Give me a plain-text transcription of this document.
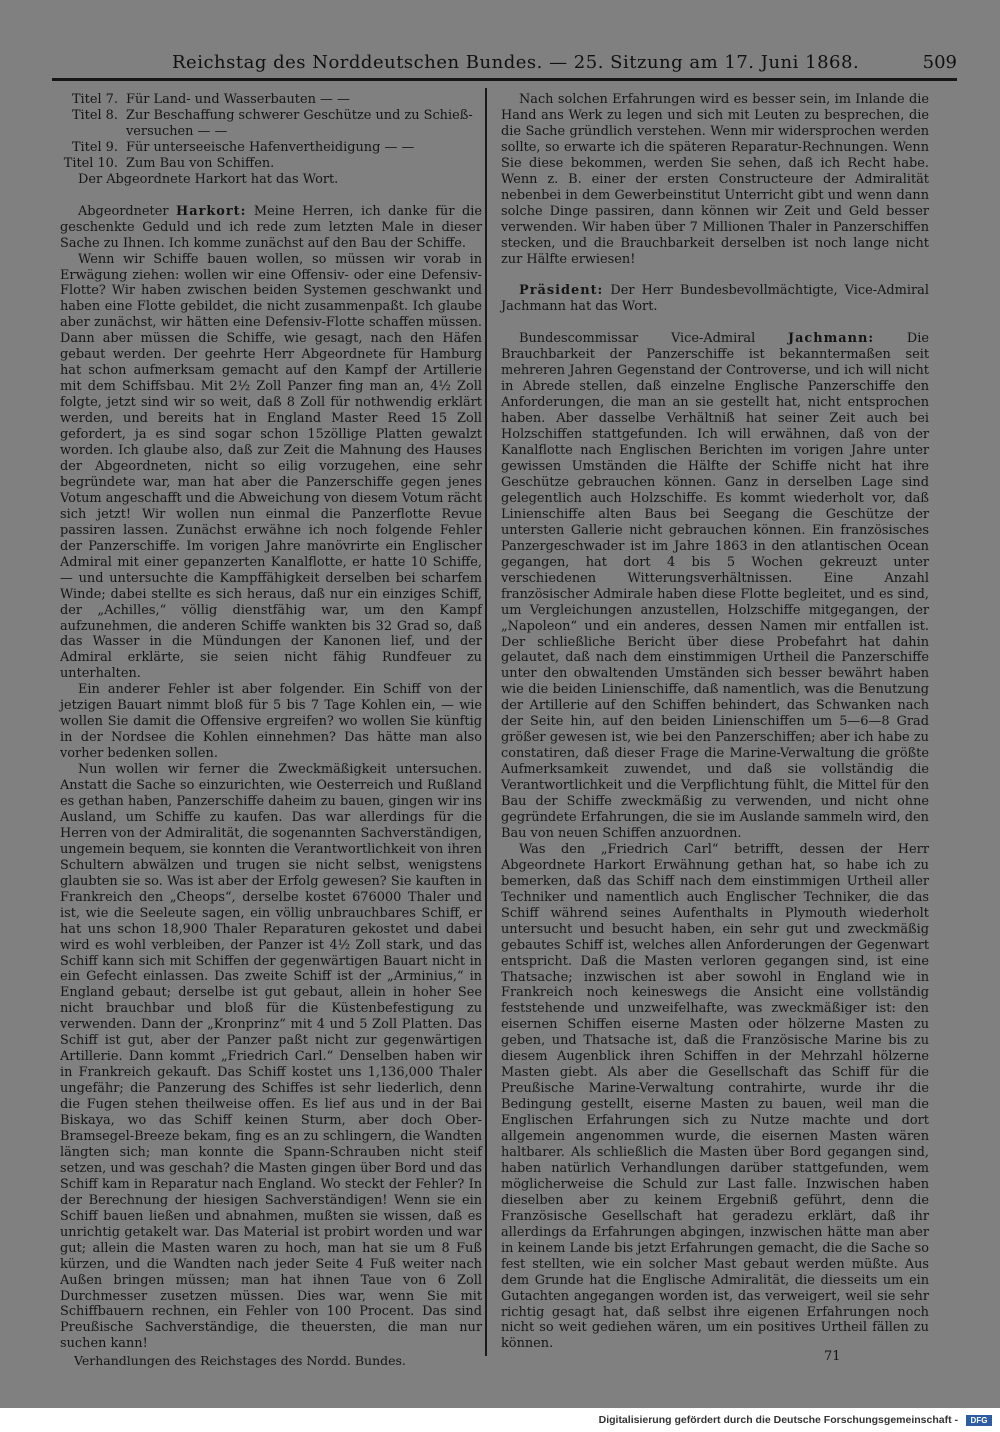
Reichstag des Norddeutschen Bundes. — 25. Sitzung am 17. Juni 1868.	509
Titel 7. Für Land- und Wasserbauten — —
Titel 8. Zur Beschaffung schwerer Geschütze und zu Schieß-
versuchen — —
Titel 9. Für unterseeische Hafenvertheidigung — —
Titel 10. Zum Bau von Schiffen.

Der Abgeordnete Harkort hat das Wort.

Abgeordneter Harkort: Meine Herren, ich danke für die geschenkte Geduld und ich rede zum letzten Male in dieser Sache zu Ihnen. Ich komme zunächst auf den Bau der Schiffe.

Wenn wir Schiffe bauen wollen, so müssen wir vorab in Erwägung ziehen: wollen wir eine Offensiv- oder eine Defensiv-Flotte? Wir haben zwischen beiden Systemen geschwankt und haben eine Flotte gebildet, die nicht zusammenpaßt. Ich glaube aber zunächst, wir hätten eine Defensiv-Flotte schaffen müssen. Dann aber müssen die Schiffe, wie gesagt, nach den Häfen gebaut werden. Der geehrte Herr Abgeordnete für Hamburg hat schon aufmerksam gemacht auf den Kampf der Artillerie mit dem Schiffsbau. Mit 2½ Zoll Panzer fing man an, 4½ Zoll folgte, jetzt sind wir so weit, daß 8 Zoll für nothwendig erklärt werden, und bereits hat in England Master Reed 15 Zoll gefordert, ja es sind sogar schon 15zöllige Platten gewalzt worden. Ich glaube also, daß zur Zeit die Mahnung des Hauses der Abgeordneten, nicht so eilig vorzugehen, eine sehr begründete war, man hat aber die Panzerschiffe gegen jenes Votum angeschafft und die Abweichung von diesem Votum rächt sich jetzt! Wir wollen nun einmal die Panzerflotte Revue passiren lassen. Zunächst erwähne ich noch folgende Fehler der Panzerschiffe. Im vorigen Jahre manövrirte ein Englischer Admiral mit einer gepanzerten Kanalflotte, er hatte 10 Schiffe, — und untersuchte die Kampffähigkeit derselben bei scharfem Winde; dabei stellte es sich heraus, daß nur ein einziges Schiff, der „Achilles,“ völlig dienstfähig war, um den Kampf aufzunehmen, die anderen Schiffe wankten bis 32 Grad so, daß das Wasser in die Mündungen der Kanonen lief, und der Admiral erklärte, sie seien nicht fähig Rundfeuer zu unterhalten.

Ein anderer Fehler ist aber folgender. Ein Schiff von der jetzigen Bauart nimmt bloß für 5 bis 7 Tage Kohlen ein, — wie wollen Sie damit die Offensive ergreifen? wo wollen Sie künftig in der Nordsee die Kohlen einnehmen? Das hätte man also vorher bedenken sollen.

Nun wollen wir ferner die Zweckmäßigkeit untersuchen. Anstatt die Sache so einzurichten, wie Oesterreich und Rußland es gethan haben, Panzerschiffe daheim zu bauen, gingen wir ins Ausland, um Schiffe zu kaufen. Das war allerdings für die Herren von der Admiralität, die sogenannten Sachverständigen, ungemein bequem, sie konnten die Verantwortlichkeit von ihren Schultern abwälzen und trugen sie nicht selbst, wenigstens glaubten sie so. Was ist aber der Erfolg gewesen? Sie kauften in Frankreich den „Cheops“, derselbe kostet 676000 Thaler und ist, wie die Seeleute sagen, ein völlig unbrauchbares Schiff, er hat uns schon 18,900 Thaler Reparaturen gekostet und dabei wird es wohl verbleiben, der Panzer ist 4½ Zoll stark, und das Schiff kann sich mit Schiffen der gegenwärtigen Bauart nicht in ein Gefecht einlassen. Das zweite Schiff ist der „Arminius,“ in England gebaut; derselbe ist gut gebaut, allein in hoher See nicht brauchbar und bloß für die Küstenbefestigung zu verwenden. Dann der „Kronprinz“ mit 4 und 5 Zoll Platten. Das Schiff ist gut, aber der Panzer paßt nicht zur gegenwärtigen Artillerie. Dann kommt „Friedrich Carl.“ Denselben haben wir in Frankreich gekauft. Das Schiff kostet uns 1,136,000 Thaler ungefähr; die Panzerung des Schiffes ist sehr liederlich, denn die Fugen stehen theilweise offen. Es lief aus und in der Bai Biskaya, wo das Schiff keinen Sturm, aber doch Ober-Bramsegel-Breeze bekam, fing es an zu schlingern, die Wandten längten sich; man konnte die Spann-Schrauben nicht steif setzen, und was geschah? die Masten gingen über Bord und das Schiff kam in Reparatur nach England. Wo steckt der Fehler? In der Berechnung der hiesigen Sachverständigen! Wenn sie ein Schiff bauen ließen und abnahmen, mußten sie wissen, daß es unrichtig getakelt war. Das Material ist probirt worden und war gut; allein die Masten waren zu hoch, man hat sie um 8 Fuß kürzen, und die Wandten nach jeder Seite 4 Fuß weiter nach Außen bringen müssen; man hat ihnen Taue von 6 Zoll Durchmesser zusetzen müssen. Dies war, wenn Sie mit Schiffbauern rechnen, ein Fehler von 100 Procent. Das sind Preußische Sachverständige, die theuersten, die man nur suchen kann!

Nach solchen Erfahrungen wird es besser sein, im Inlande die Hand ans Werk zu legen und sich mit Leuten zu besprechen, die die Sache gründlich verstehen. Wenn mir widersprochen werden sollte, so erwarte ich die späteren Reparatur-Rechnungen. Wenn Sie diese bekommen, werden Sie sehen, daß ich Recht habe. Wenn z. B. einer der ersten Constructeure der Admiralität nebenbei in dem Gewerbeinstitut Unterricht gibt und wenn dann solche Dinge passiren, dann können wir Zeit und Geld besser verwenden. Wir haben über 7 Millionen Thaler in Panzerschiffen stecken, und die Brauchbarkeit derselben ist noch lange nicht zur Hälfte erwiesen!

Präsident: Der Herr Bundesbevollmächtigte, Vice-Admiral Jachmann hat das Wort.

Bundescommissar Vice-Admiral	Jachmann:	Die Brauchbarkeit der Panzerschiffe ist bekanntermaßen seit mehreren Jahren Gegenstand der Controverse, und ich will nicht in Abrede stellen, daß einzelne Englische Panzerschiffe den Anforderungen, die man an sie gestellt hat, nicht entsprochen haben. Aber dasselbe Verhältniß hat seiner Zeit auch bei Holzschiffen stattgefunden. Ich will erwähnen, daß von der Kanalflotte nach Englischen Berichten im vorigen Jahre unter gewissen Umständen die Hälfte der Schiffe nicht hat ihre Geschütze gebrauchen können. Ganz in derselben Lage sind gelegentlich auch Holzschiffe. Es kommt wiederholt vor, daß Linienschiffe alten Baus bei Seegang die Geschütze der untersten Gallerie nicht gebrauchen können. Ein französisches Panzergeschwader ist im Jahre 1863 in den atlantischen Ocean gegangen, hat dort 4 bis 5 Wochen gekreuzt unter verschiedenen Witterungsverhältnissen. Eine Anzahl französischer Admirale haben diese Flotte begleitet, und es sind, um Vergleichungen anzustellen, Holzschiffe mitgegangen, der „Napoleon“ und ein anderes, dessen Namen mir entfallen ist. Der schließliche Bericht über diese Probefahrt hat dahin gelautet, daß nach dem einstimmigen Urtheil die Panzerschiffe unter den obwaltenden Umständen sich besser bewährt haben wie die beiden Linienschiffe, daß namentlich, was die Benutzung der Artillerie auf den Schiffen behindert, das Schwanken nach der Seite hin, auf den beiden Linienschiffen um 5—6—8 Grad größer gewesen ist, wie bei den Panzerschiffen; aber ich habe zu constatiren, daß dieser Frage die Marine-Verwaltung die größte Aufmerksamkeit zuwendet, und daß sie vollständig die Verantwortlichkeit und die Verpflichtung fühlt, die Mittel für den Bau der Schiffe zweckmäßig zu verwenden, und nicht ohne gegründete Erfahrungen, die sie im Auslande sammeln wird, den Bau von neuen Schiffen anzuordnen.

Was den „Friedrich Carl“ betrifft, dessen der Herr Abgeordnete Harkort Erwähnung gethan hat, so habe ich zu bemerken, daß das Schiff nach dem einstimmigen Urtheil aller Techniker und namentlich auch Englischer Techniker, die das Schiff während seines Aufenthalts in Plymouth wiederholt untersucht und besucht haben, ein sehr gut und zweckmäßig gebautes Schiff ist, welches allen Anforderungen der Gegenwart entspricht. Daß die Masten verloren gegangen sind, ist eine Thatsache; inzwischen ist aber sowohl in England wie in Frankreich noch keineswegs die Ansicht eine vollständig feststehende und unzweifelhafte, was zweckmäßiger ist: den eisernen Schiffen eiserne Masten oder hölzerne Masten zu geben, und Thatsache ist, daß die Französische Marine bis zu diesem Augenblick ihren Schiffen in der Mehrzahl hölzerne Masten giebt. Als aber die Gesellschaft das Schiff für die Preußische Marine-Verwaltung contrahirte, wurde ihr die Bedingung gestellt, eiserne Masten zu bauen, weil man die Englischen Erfahrungen sich zu Nutze machte und dort allgemein angenommen wurde, die eisernen Masten wären haltbarer. Als schließlich die Masten über Bord gegangen sind, haben natürlich Verhandlungen darüber stattgefunden, wem möglicherweise die Schuld zur Last falle. Inzwischen haben dieselben aber zu keinem Ergebniß geführt, denn die Französische Gesellschaft hat geradezu erklärt, daß ihr allerdings da Erfahrungen abgingen, inzwischen hätte man aber in keinem Lande bis jetzt Erfahrungen gemacht, die die Sache so fest stellten, wie ein solcher Mast gebaut werden müßte. Aus dem Grunde hat die Englische Admiralität, die diesseits um ein Gutachten angegangen worden ist, das verweigert, weil sie sehr richtig gesagt hat, daß selbst ihre eigenen Erfahrungen noch nicht so weit gediehen wären, um ein positives Urtheil fällen zu können.

Verhandlungen des Reichstages des Nordd. Bundes.	71
Digitalisierung gefördert durch die Deutsche Forschungsgemeinschaft -	DFG
